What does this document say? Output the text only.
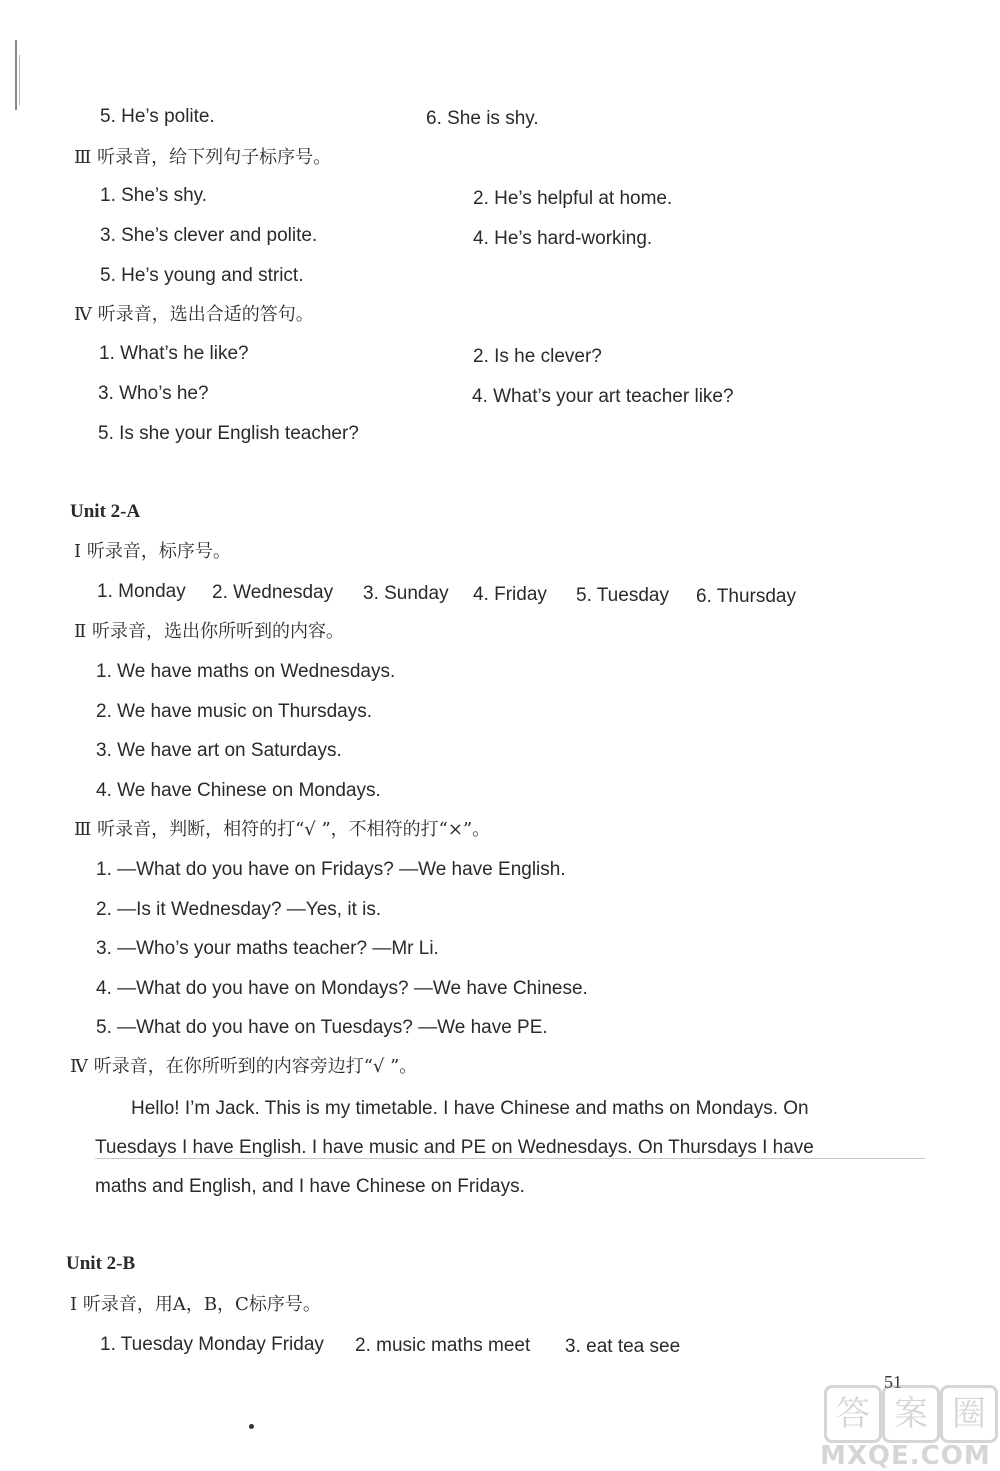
5. He’s polite.	6. She is shy.
Ⅲ 听录音，给下列句子标序号。
1. She’s shy.	2. He’s helpful at home.
3. She’s clever and polite.	4. He’s hard-working.
5. He’s young and strict.
Ⅳ 听录音，选出合适的答句。
1. What’s he like?	2. Is he clever?
3. Who’s he?	4. What’s your art teacher like?
5. Is she your English teacher?
Unit 2-A
Ⅰ 听录音，标序号。
1. Monday 2. Wednesday 3. Sunday 4. Friday 5. Tuesday 6. Thursday
Ⅱ 听录音，选出你所听到的内容。
1. We have maths on Wednesdays.
2. We have music on Thursdays.
3. We have art on Saturdays.
4. We have Chinese on Mondays.
Ⅲ 听录音，判断，相符的打“√ ”，不相符的打“×”。
1. —What do you have on Fridays? —We have English.
2. —Is it Wednesday? —Yes, it is.
3. —Who’s your maths teacher? —Mr Li.
4. —What do you have on Mondays? —We have Chinese.
5. —What do you have on Tuesdays? —We have PE.
Ⅳ 听录音，在你所听到的内容旁边打“√ ”。
Hello! I’m Jack. This is my timetable. I have Chinese and maths on Mondays. On
Tuesdays I have English. I have music and PE on Wednesdays. On Thursdays I have
maths and English, and I have Chinese on Fridays.
Unit 2-B
Ⅰ 听录音，用A，B，C标序号。
1. Tuesday Monday Friday 2. music maths meet 3. eat tea see
51
答 案 圈
MXQE.COM
